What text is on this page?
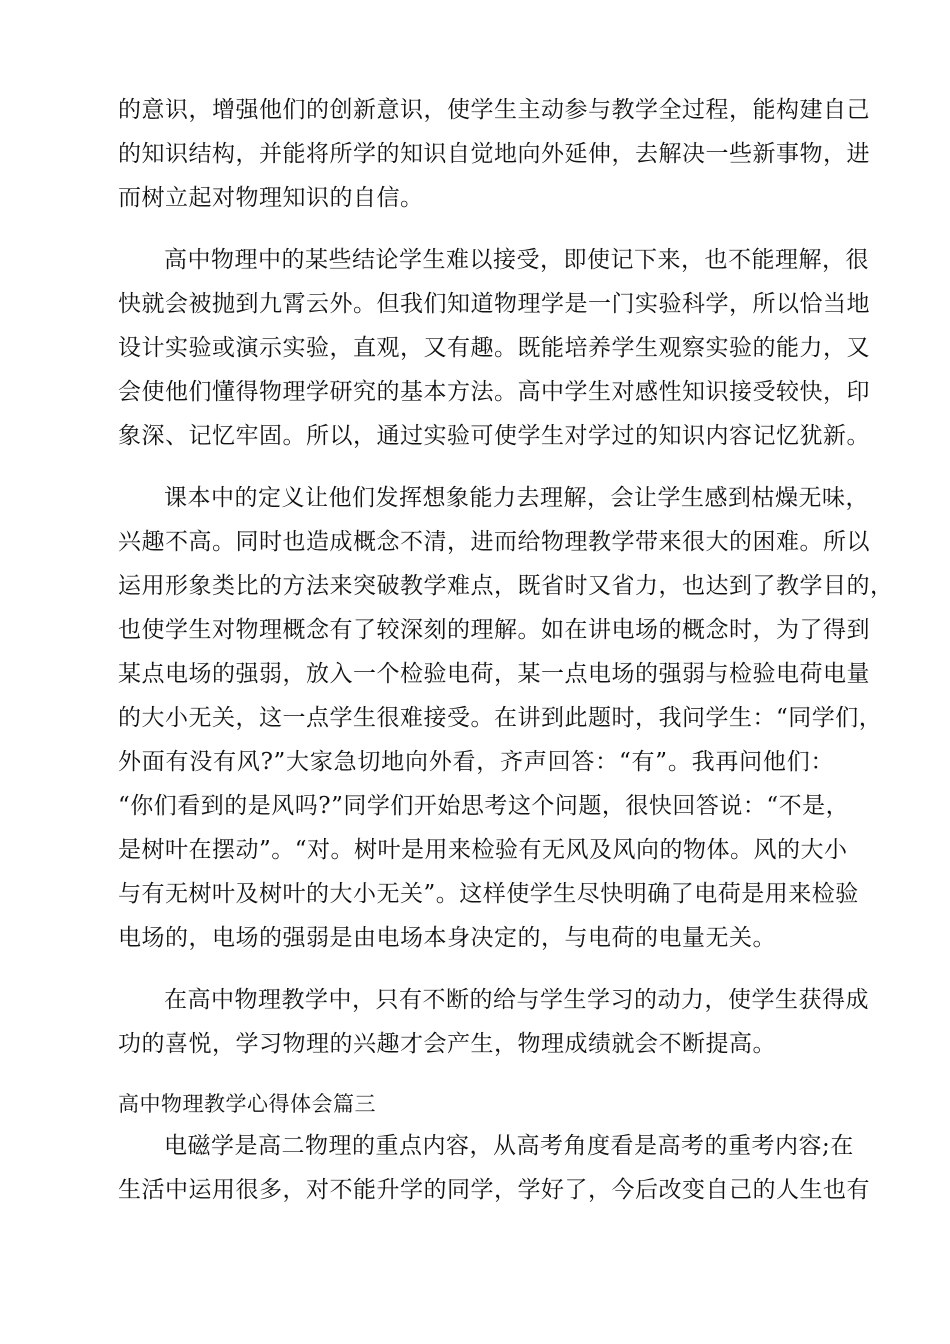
的意识，增强他们的创新意识，使学生主动参与教学全过程，能构建自己
的知识结构，并能将所学的知识自觉地向外延伸，去解决一些新事物，进
而树立起对物理知识的自信。
高中物理中的某些结论学生难以接受，即使记下来，也不能理解，很
快就会被抛到九霄云外。但我们知道物理学是一门实验科学，所以恰当地
设计实验或演示实验，直观，又有趣。既能培养学生观察实验的能力，又
会使他们懂得物理学研究的基本方法。高中学生对感性知识接受较快，印
象深、记忆牢固。所以，通过实验可使学生对学过的知识内容记忆犹新。
课本中的定义让他们发挥想象能力去理解，会让学生感到枯燥无味，
兴趣不高。同时也造成概念不清，进而给物理教学带来很大的困难。所以
运用形象类比的方法来突破教学难点，既省时又省力，也达到了教学目的，
也使学生对物理概念有了较深刻的理解。如在讲电场的概念时，为了得到
某点电场的强弱，放入一个检验电荷，某一点电场的强弱与检验电荷电量
的大小无关，这一点学生很难接受。在讲到此题时，我问学生：“同学们，
外面有没有风?”大家急切地向外看，齐声回答：“有”。我再问他们：
“你们看到的是风吗?”同学们开始思考这个问题，很快回答说：“不是，
是树叶在摆动”。“对。树叶是用来检验有无风及风向的物体。风的大小
与有无树叶及树叶的大小无关”。这样使学生尽快明确了电荷是用来检验
电场的，电场的强弱是由电场本身决定的，与电荷的电量无关。
在高中物理教学中，只有不断的给与学生学习的动力，使学生获得成
功的喜悦，学习物理的兴趣才会产生，物理成绩就会不断提高。
高中物理教学心得体会篇三
电磁学是高二物理的重点内容，从高考角度看是高考的重考内容;在
生活中运用很多，对不能升学的同学，学好了，今后改变自己的人生也有
